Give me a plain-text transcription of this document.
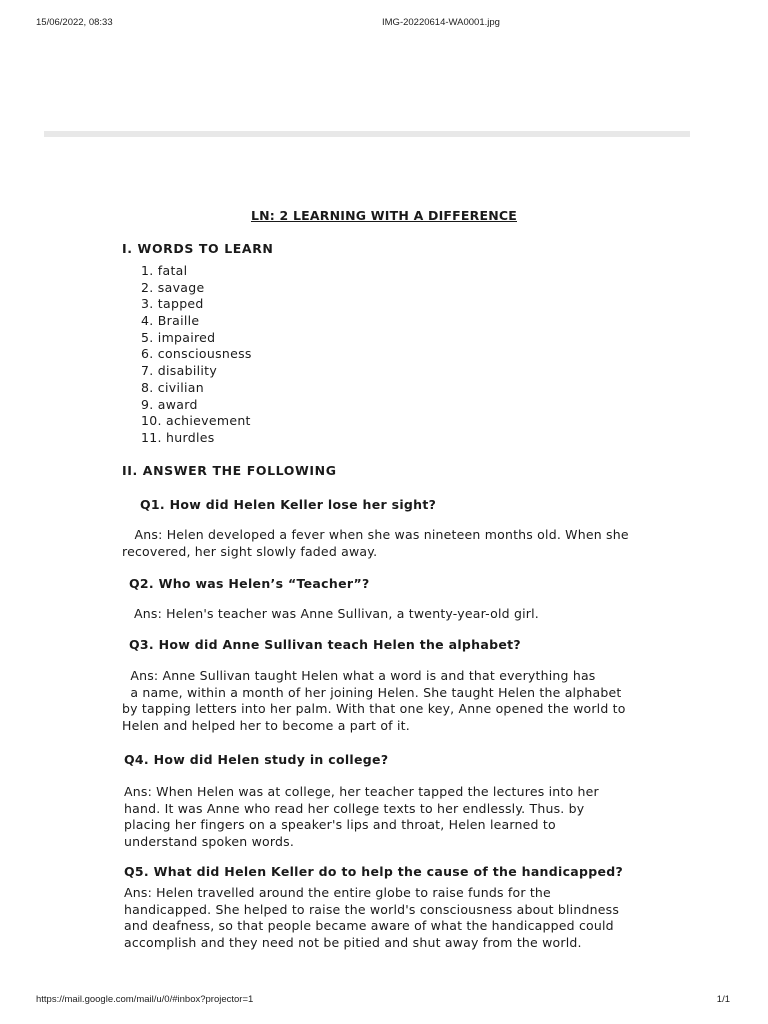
15/06/2022, 08:33	IMG-20220614-WA0001.jpg
LN: 2 LEARNING WITH A DIFFERENCE
I. WORDS TO LEARN
1. fatal
2. savage
3. tapped
4. Braille
5. impaired
6. consciousness
7. disability
8. civilian
9. award
10. achievement
11. hurdles
II. ANSWER THE FOLLOWING
Q1. How did Helen Keller lose her sight?
Ans: Helen developed a fever when she was nineteen months old. When she
recovered, her sight slowly faded away.
Q2. Who was Helen’s “Teacher”?
Ans: Helen's teacher was Anne Sullivan, a twenty-year-old girl.
Q3. How did Anne Sullivan teach Helen the alphabet?
Ans: Anne Sullivan taught Helen what a word is and that everything has
a name, within a month of her joining Helen. She taught Helen the alphabet
by tapping letters into her palm. With that one key, Anne opened the world to
Helen and helped her to become a part of it.
Q4. How did Helen study in college?
Ans: When Helen was at college, her teacher tapped the lectures into her
hand. It was Anne who read her college texts to her endlessly. Thus. by
placing her fingers on a speaker's lips and throat, Helen learned to
understand spoken words.
Q5. What did Helen Keller do to help the cause of the handicapped?
Ans: Helen travelled around the entire globe to raise funds for the
handicapped. She helped to raise the world's consciousness about blindness
and deafness, so that people became aware of what the handicapped could
accomplish and they need not be pitied and shut away from the world.
https://mail.google.com/mail/u/0/#inbox?projector=1	1/1
